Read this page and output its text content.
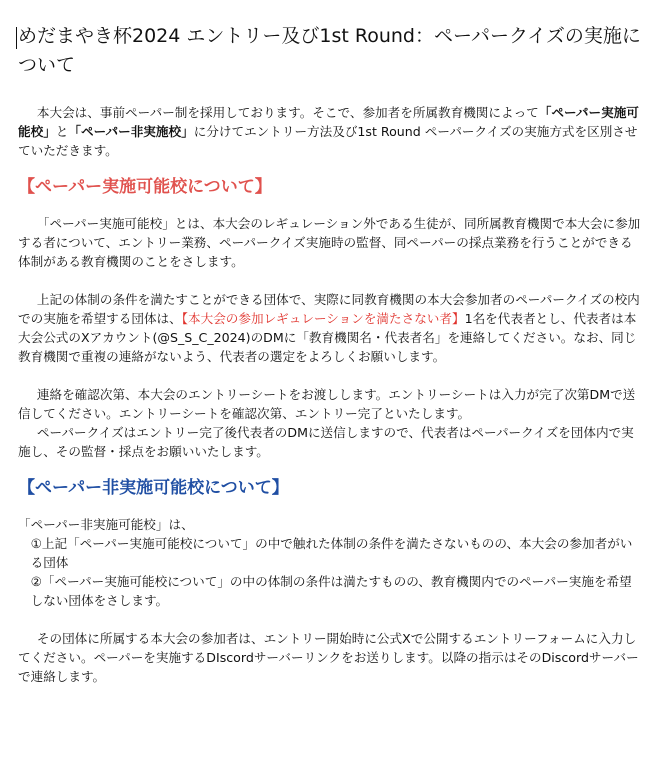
めだまやき杯2024 エントリー及び1st Round：ペーパークイズの実施について

本大会は、事前ペーパー制を採用しております。そこで、参加者を所属教育機関によって「ペーパー実施可能校」と「ペーパー非実施校」に分けてエントリー方法及び1st Round ペーパークイズの実施方式を区別させていただきます。

【ペーパー実施可能校について】

「ペーパー実施可能校」とは、本大会のレギュレーション外である生徒が、同所属教育機関で本大会に参加する者について、エントリー業務、ペーパークイズ実施時の監督、同ペーパーの採点業務を行うことができる体制がある教育機関のことをさします。

上記の体制の条件を満たすことができる団体で、実際に同教育機関の本大会参加者のペーパークイズの校内での実施を希望する団体は、【本大会の参加レギュレーションを満たさない者】1名を代表者とし、代表者は本大会公式のXアカウント(@S_S_C_2024)のDMに「教育機関名・代表者名」を連絡してください。なお、同じ教育機関で重複の連絡がないよう、代表者の選定をよろしくお願いします。

連絡を確認次第、本大会のエントリーシートをお渡しします。エントリーシートは入力が完了次第DMで送信してください。エントリーシートを確認次第、エントリー完了といたします。

ペーパークイズはエントリー完了後代表者のDMに送信しますので、代表者はペーパークイズを団体内で実施し、その監督・採点をお願いいたします。

【ペーパー非実施可能校について】

「ペーパー非実施可能校」は、

①上記「ペーパー実施可能校について」の中で触れた体制の条件を満たさないものの、本大会の参加者がいる団体

②「ペーパー実施可能校について」の中の体制の条件は満たすものの、教育機関内でのペーパー実施を希望しない団体をさします。

その団体に所属する本大会の参加者は、エントリー開始時に公式Xで公開するエントリーフォームに入力してください。ペーパーを実施するDIscordサーバーリンクをお送りします。以降の指示はそのDiscordサーバーで連絡します。
